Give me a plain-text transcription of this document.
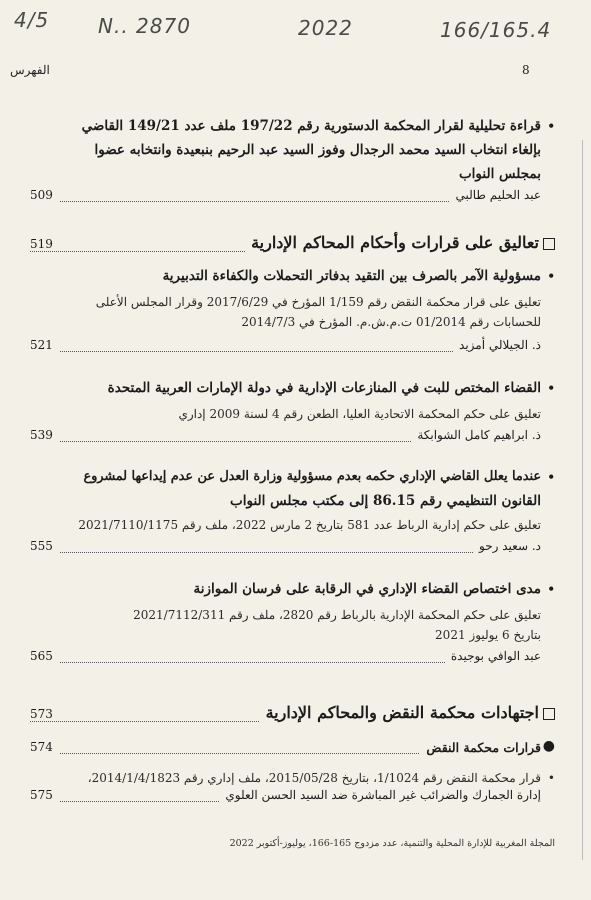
4/5 N.. 2870	2022	166/165.4
8
الفهرس
•
قراءة تحليلية لقرار المحكمة الدستورية رقم 197/22 ملف عدد 149/21 القاضي
بإلغاء انتخاب السيد محمد الرجدال وفوز السيد عبد الرحيم بنبعيدة وانتخابه عضوا
بمجلس النواب
عبد الحليم طالبي
509
تعاليق على قرارات وأحكام المحاكم الإدارية
519
•
مسؤولية الآمر بالصرف بين التقيد بدفاتر التحملات والكفاءة التدبيرية
تعليق على قرار محكمة النقض رقم 1/159 المؤرخ في 2017/6/29 وقرار المجلس الأعلى
للحسابات رقم 01/2014 ت.م.ش.م. المؤرخ في 2014/7/3
ذ. الجيلالي أمزيد
521
•
القضاء المختص للبت في المنازعات الإدارية في دولة الإمارات العربية المتحدة
تعليق على حكم المحكمة الاتحادية العليا، الطعن رقم 4 لسنة 2009 إداري
ذ. ابراهيم كامل الشوابكة
539
•
عندما يعلل القاضي الإداري حكمه بعدم مسؤولية وزارة العدل عن عدم إيداعها لمشروع
القانون التنظيمي رقم 86.15 إلى مكتب مجلس النواب
تعليق على حكم إدارية الرباط عدد 581 بتاريخ 2 مارس 2022، ملف رقم 2021/7110/1175
د. سعيد رحو
555
•
مدى اختصاص القضاء الإداري في الرقابة على فرسان الموازنة
تعليق على حكم المحكمة الإدارية بالرباط رقم 2820، ملف رقم 2021/7112/311
بتاريخ 6 يوليوز 2021
عبد الوافي بوجيدة
565
اجتهادات محكمة النقض والمحاكم الإدارية
573
●
قرارات محكمة النقض
574
•
قرار محكمة النقض رقم 1/1024، بتاريخ 2015/05/28، ملف إداري رقم 2014/1/4/1823،
إدارة الجمارك والضرائب غير المباشرة ضد السيد الحسن العلوي
575
المجلة المغربية للإدارة المحلية والتنمية، عدد مزدوج 165-166، يوليوز-أكتوبر 2022
